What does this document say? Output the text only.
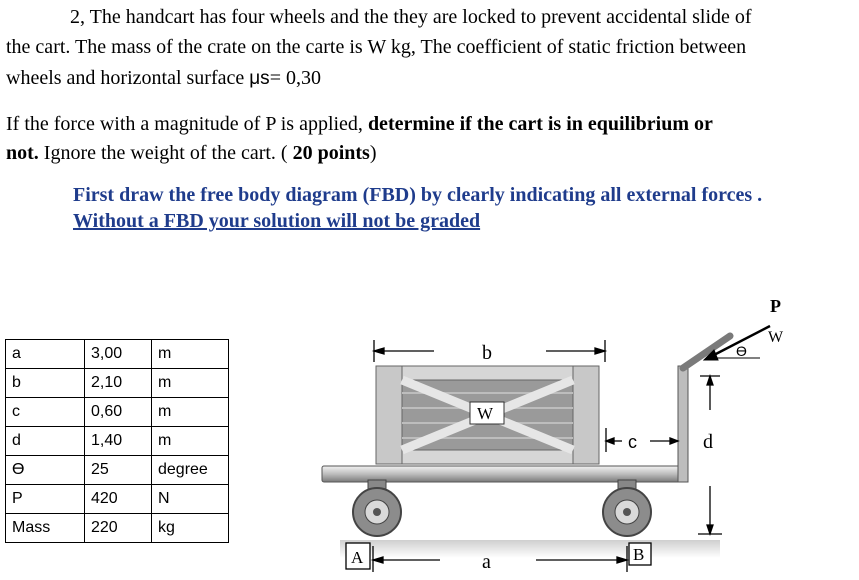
2, The handcart has four wheels and the they are locked to prevent accidental slide of
the cart. The mass of the crate on the carte is W kg, The coefficient of static friction between
wheels and horizontal surface μs= 0,30
If the force with a magnitude of P is applied, determine if the cart is in equilibrium or
not. Ignore the weight of the cart. ( 20 points)
First draw the free body diagram (FBD) by clearly indicating all external forces .
Without a FBD your solution will not be graded
a	3,00	m
b	2,10	m
c	0,60	m
d	1,40	m
ϴ	25	degree
P	420	N
Mass	220	kg
b
W
c	d
P
W
ϴ
A	a	B
